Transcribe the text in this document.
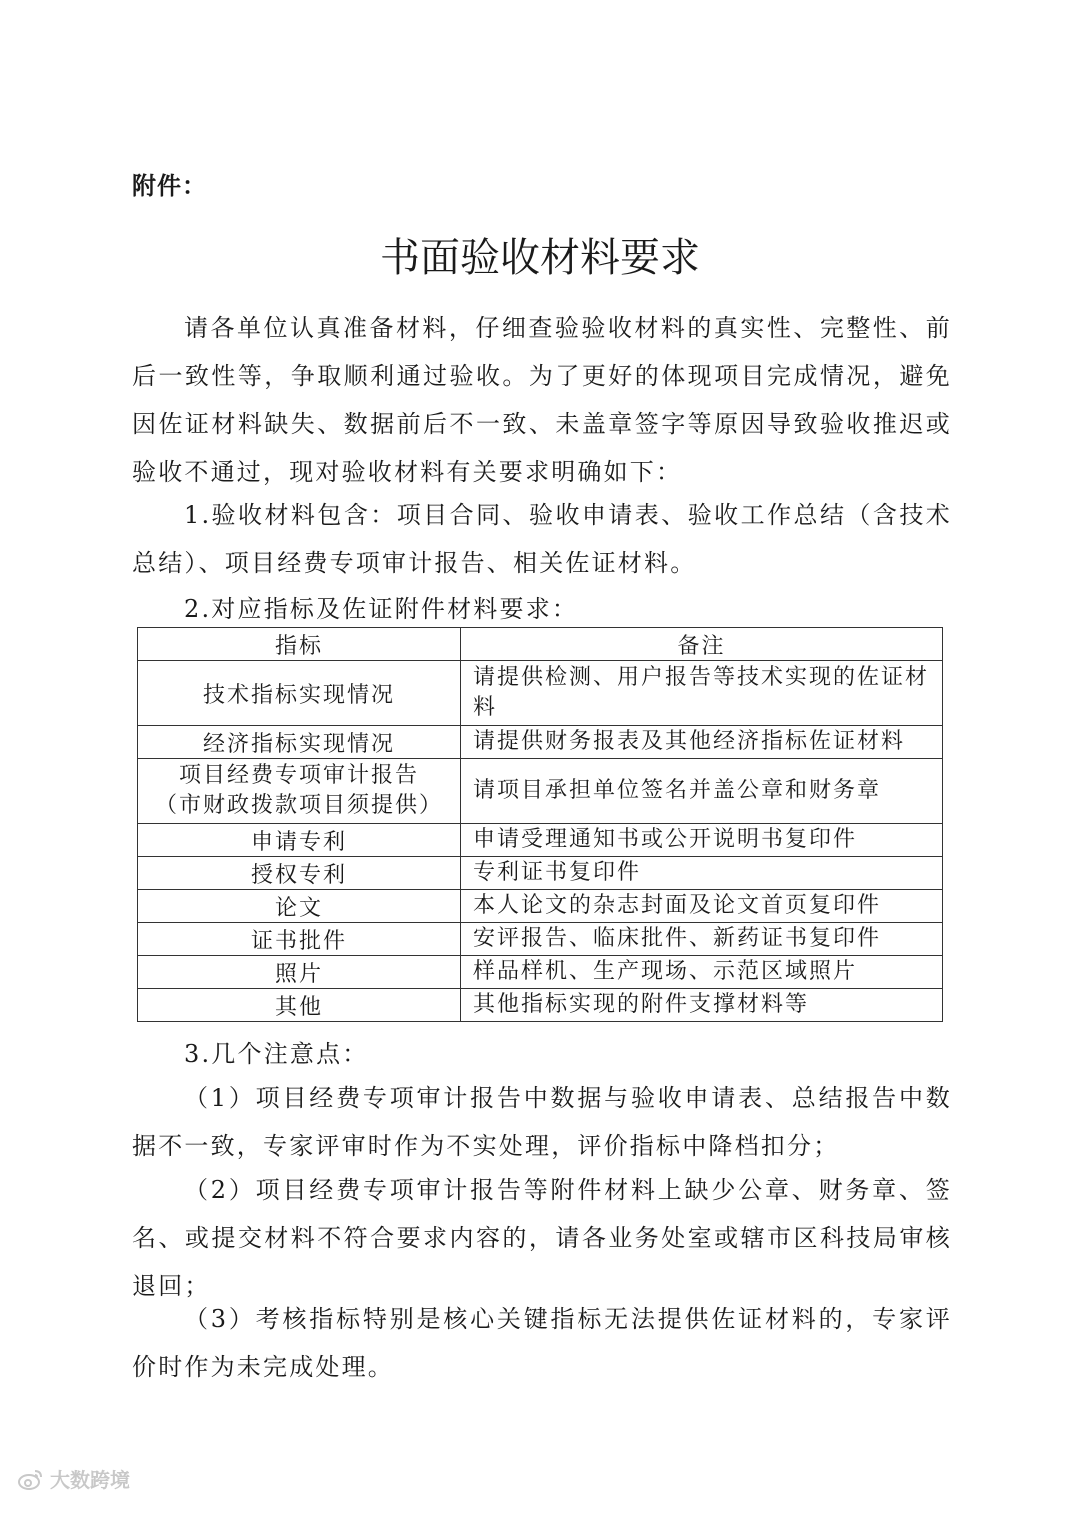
附件：
书面验收材料要求

请各单位认真准备材料，仔细查验验收材料的真实性、完整性、前后一致性等，争取顺利通过验收。为了更好的体现项目完成情况，避免因佐证材料缺失、数据前后不一致、未盖章签字等原因导致验收推迟或验收不通过，现对验收材料有关要求明确如下：

1.验收材料包含：项目合同、验收申请表、验收工作总结（含技术总结）、项目经费专项审计报告、相关佐证材料。

2.对应指标及佐证附件材料要求：

指标	备注
技术指标实现情况	请提供检测、用户报告等技术实现的佐证材料
经济指标实现情况	请提供财务报表及其他经济指标佐证材料

项目经费专项审计报告
（市财政拨款项目须提供）	请项目承担单位签名并盖公章和财务章
申请专利	申请受理通知书或公开说明书复印件
授权专利	专利证书复印件
论文	本人论文的杂志封面及论文首页复印件
证书批件	安评报告、临床批件、新药证书复印件
照片	样品样机、生产现场、示范区域照片
其他	其他指标实现的附件支撑材料等

3.几个注意点：

（1）项目经费专项审计报告中数据与验收申请表、总结报告中数据不一致，专家评审时作为不实处理，评价指标中降档扣分；

（2）项目经费专项审计报告等附件材料上缺少公章、财务章、签名、或提交材料不符合要求内容的，请各业务处室或辖市区科技局审核退回；

（3）考核指标特别是核心关键指标无法提供佐证材料的，专家评价时作为未完成处理。

大数跨境
